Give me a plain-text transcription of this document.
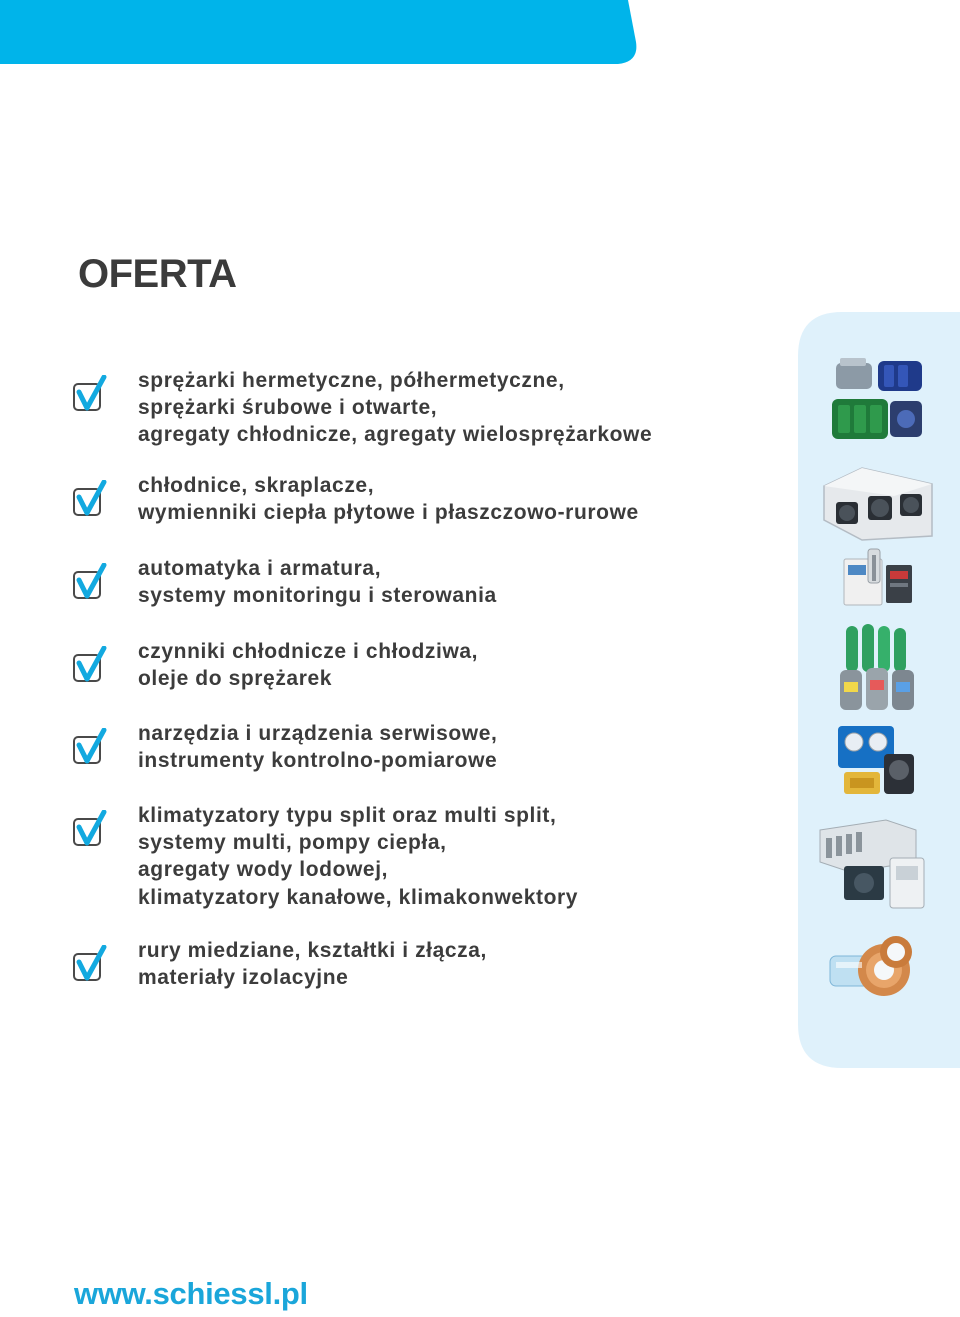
OFERTA
sprężarki hermetyczne, półhermetyczne,
sprężarki śrubowe i otwarte,
agregaty chłodnicze, agregaty wielosprężarkowe
chłodnice, skraplacze,
wymienniki ciepła płytowe i płaszczowo-rurowe
automatyka i armatura,
systemy monitoringu i sterowania
czynniki chłodnicze i chłodziwa,
oleje do sprężarek
narzędzia i urządzenia serwisowe,
instrumenty kontrolno-pomiarowe
klimatyzatory typu split oraz multi split,
systemy multi, pompy ciepła,
agregaty wody lodowej,
klimatyzatory kanałowe, klimakonwektory
rury miedziane, kształtki i złącza,
materiały izolacyjne
www.schiessl.pl
